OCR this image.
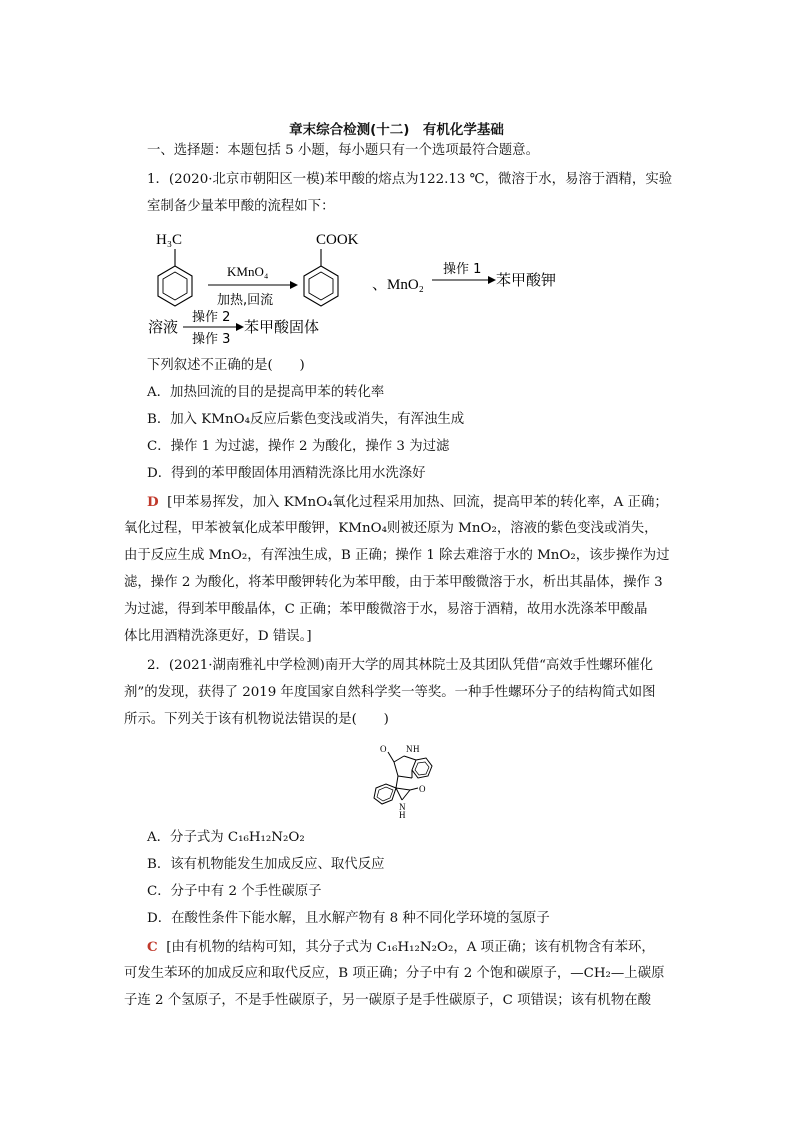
章末综合检测(十二)　有机化学基础
一、选择题：本题包括 5 小题，每小题只有一个选项最符合题意。
1．(2020·北京市朝阳区一模)苯甲酸的熔点为122.13 ℃，微溶于水，易溶于酒精，实验
室制备少量苯甲酸的流程如下：
H₃C
KMnO₄
加热,回流
COOK
、MnO₂
操作 1
苯甲酸钾
溶液
操作 2
操作 3
苯甲酸固体
下列叙述不正确的是(　　)
A．加热回流的目的是提高甲苯的转化率
B．加入 KMnO₄反应后紫色变浅或消失，有浑浊生成
C．操作 1 为过滤，操作 2 为酸化，操作 3 为过滤
D．得到的苯甲酸固体用酒精洗涤比用水洗涤好
D [甲苯易挥发，加入 KMnO₄氧化过程采用加热、回流，提高甲苯的转化率，A 正确；
氧化过程，甲苯被氧化成苯甲酸钾，KMnO₄则被还原为 MnO₂，溶液的紫色变浅或消失，
由于反应生成 MnO₂，有浑浊生成，B 正确；操作 1 除去难溶于水的 MnO₂，该步操作为过
滤，操作 2 为酸化，将苯甲酸钾转化为苯甲酸，由于苯甲酸微溶于水，析出其晶体，操作 3
为过滤，得到苯甲酸晶体，C 正确；苯甲酸微溶于水，易溶于酒精，故用水洗涤苯甲酸晶
体比用酒精洗涤更好，D 错误。]
2．(2021·湖南雅礼中学检测)南开大学的周其林院士及其团队凭借“高效手性螺环催化
剂”的发现，获得了 2019 年度国家自然科学奖一等奖。一种手性螺环分子的结构简式如图
所示。下列关于该有机物说法错误的是(　　)
O N H
O
N
H
A．分子式为 C₁₆H₁₂N₂O₂
B．该有机物能发生加成反应、取代反应
C．分子中有 2 个手性碳原子
D．在酸性条件下能水解，且水解产物有 8 种不同化学环境的氢原子
C [由有机物的结构可知，其分子式为 C₁₆H₁₂N₂O₂，A 项正确；该有机物含有苯环，
可发生苯环的加成反应和取代反应，B 项正确；分子中有 2 个饱和碳原子，—CH₂—上碳原
子连 2 个氢原子，不是手性碳原子，另一碳原子是手性碳原子，C 项错误；该有机物在酸
